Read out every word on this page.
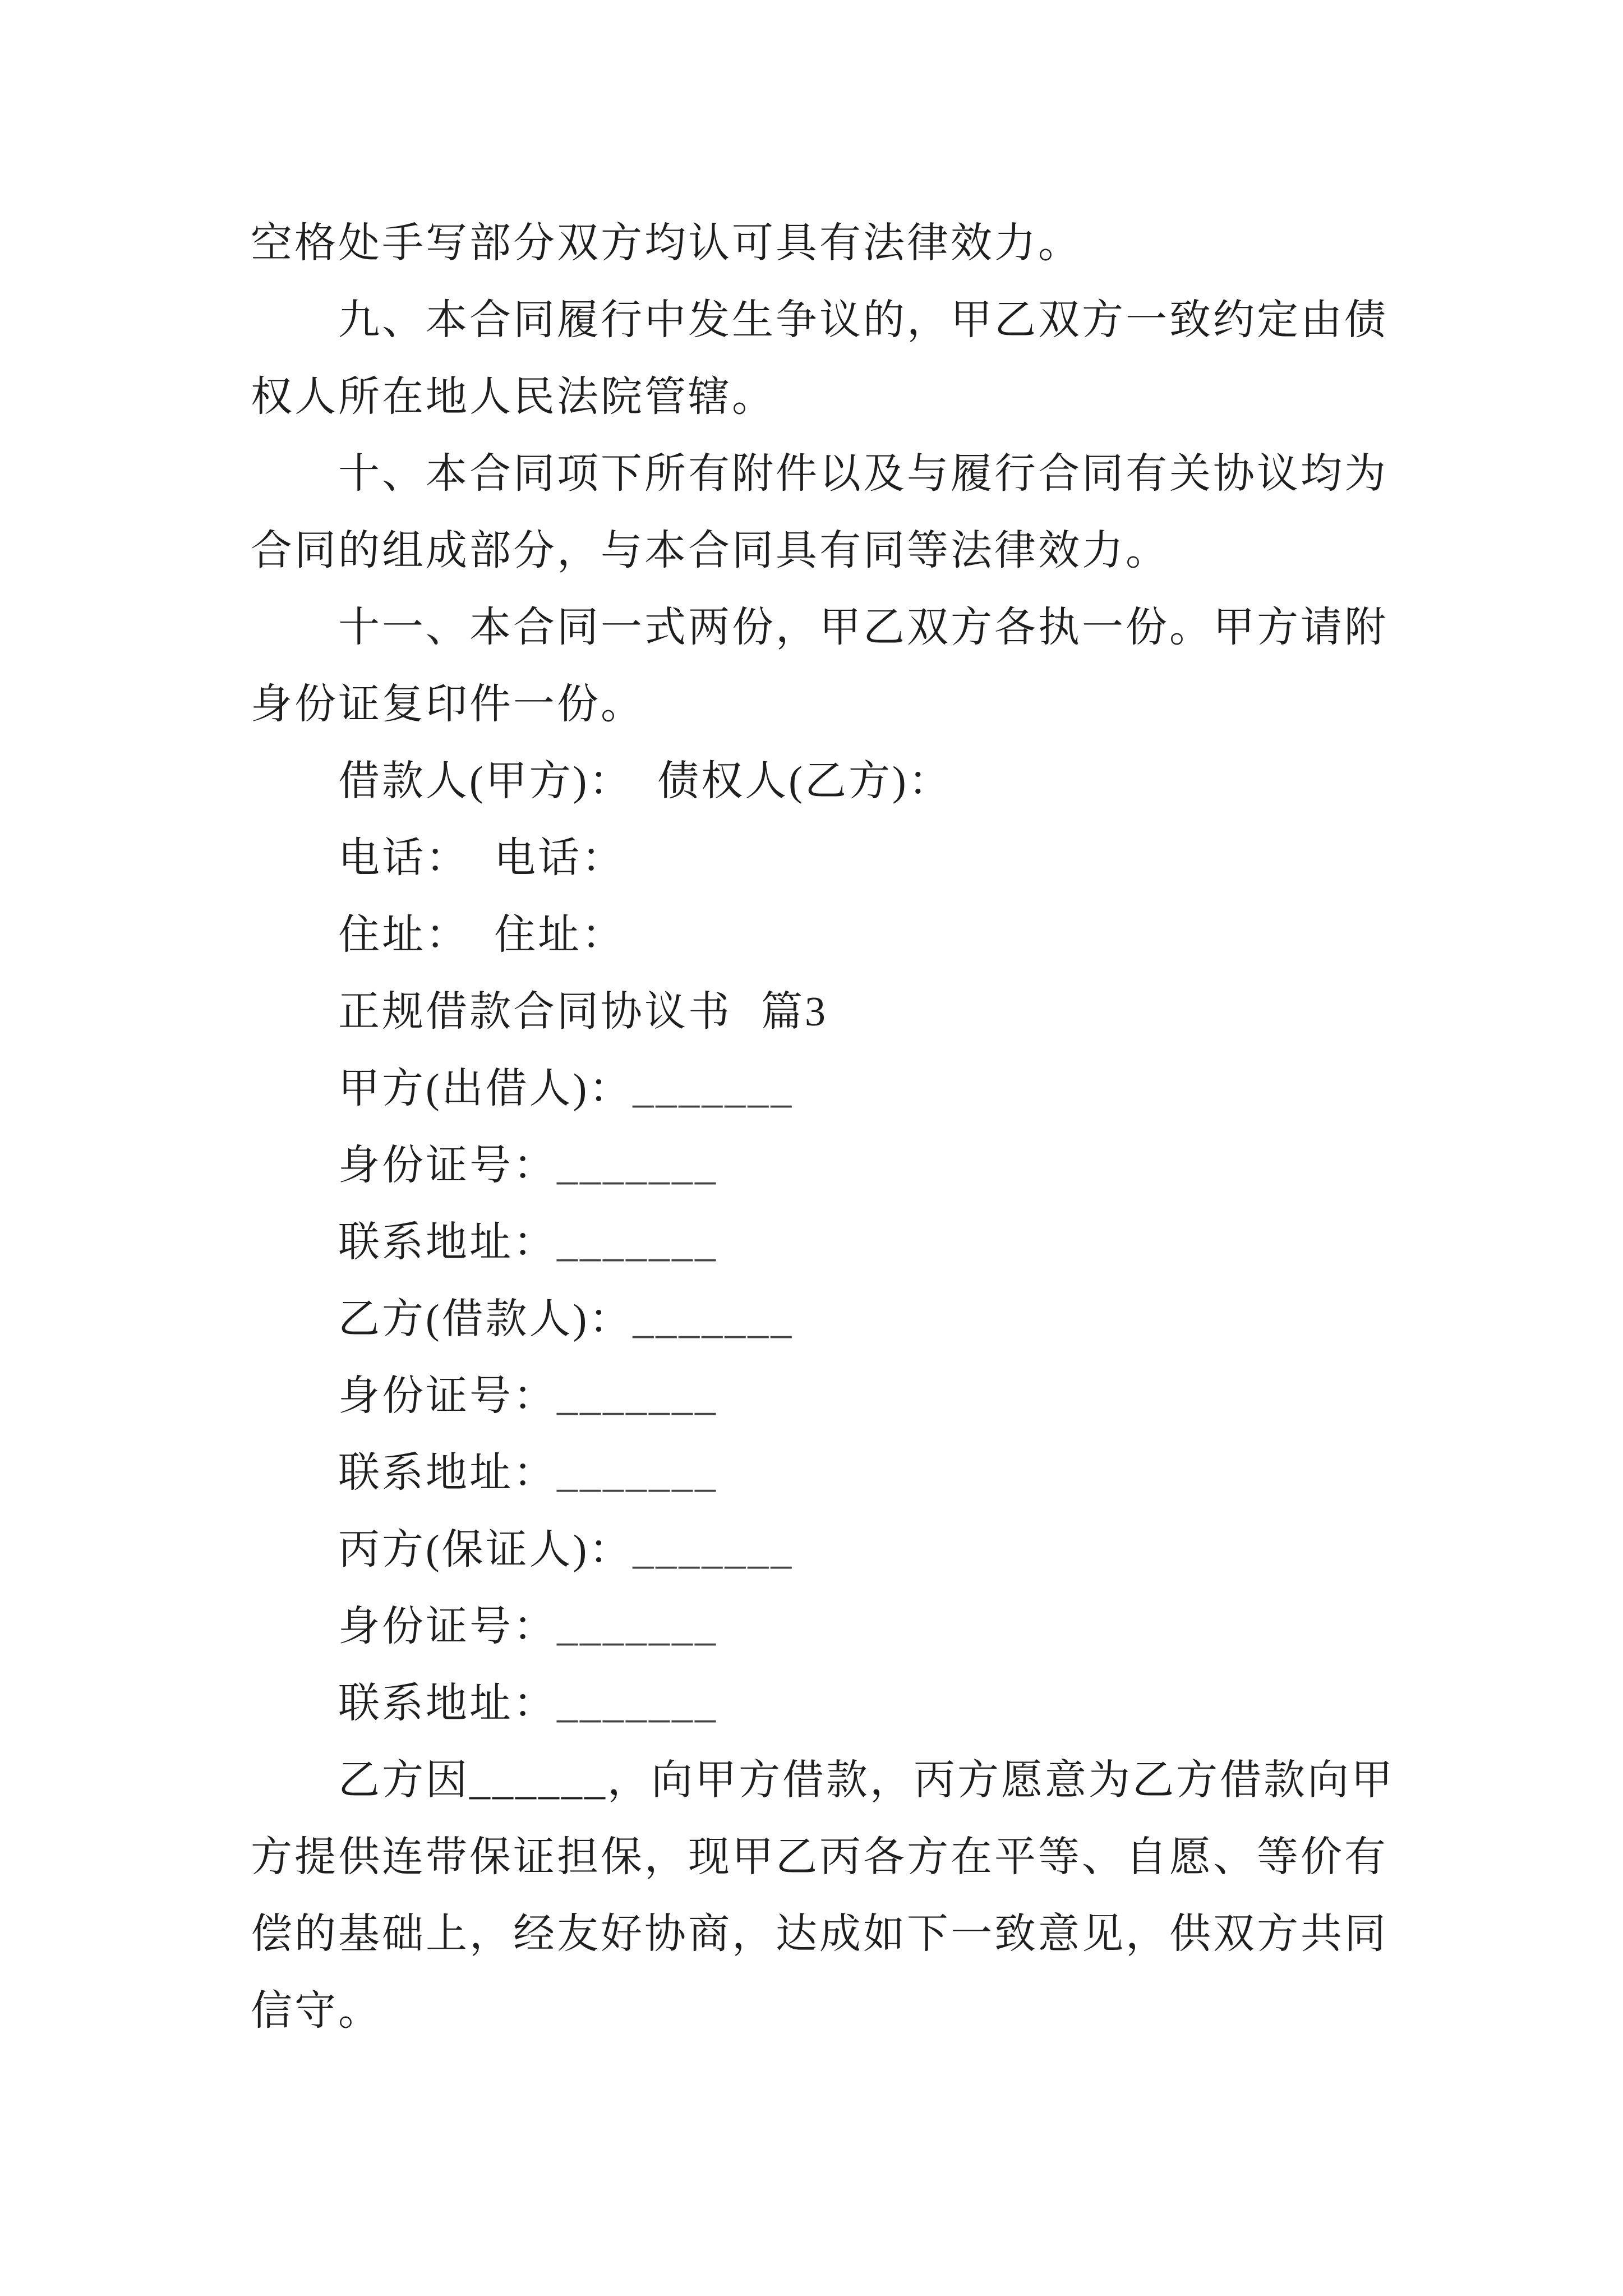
空格处手写部分双方均认可具有法律效力。
九、本合同履行中发生争议的，甲乙双方一致约定由债
权人所在地人民法院管辖。
十、本合同项下所有附件以及与履行合同有关协议均为
合同的组成部分，与本合同具有同等法律效力。
十一、本合同一式两份，甲乙双方各执一份。甲方请附
身份证复印件一份。
借款人(甲方)： 债权人(乙方)：
电话： 电话：
住址： 住址：
正规借款合同协议书 篇3
甲方(出借人)：_______
身份证号：_______
联系地址：_______
乙方(借款人)：_______
身份证号：_______
联系地址：_______
丙方(保证人)：_______
身份证号：_______
联系地址：_______
乙方因______，向甲方借款，丙方愿意为乙方借款向甲
方提供连带保证担保，现甲乙丙各方在平等、自愿、等价有
偿的基础上，经友好协商，达成如下一致意见，供双方共同
信守。
